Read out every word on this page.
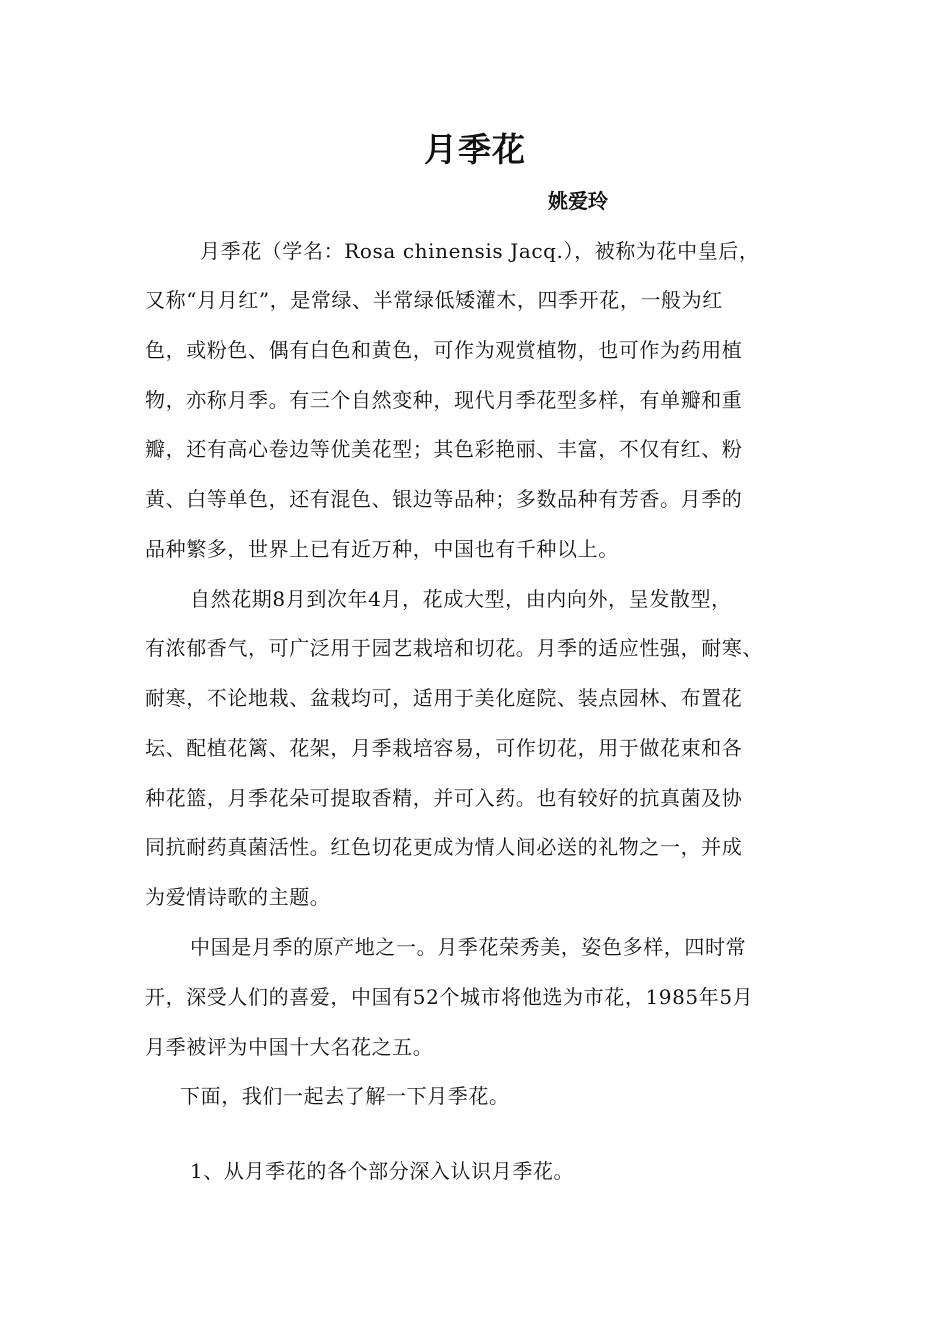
月季花
姚爱玲
月季花（学名：Rosa chinensis Jacq.），被称为花中皇后，
又称“月月红”，是常绿、半常绿低矮灌木，四季开花，一般为红
色，或粉色、偶有白色和黄色，可作为观赏植物，也可作为药用植
物，亦称月季。有三个自然变种，现代月季花型多样，有单瓣和重
瓣，还有高心卷边等优美花型；其色彩艳丽、丰富，不仅有红、粉
黄、白等单色，还有混色、银边等品种；多数品种有芳香。月季的
品种繁多，世界上已有近万种，中国也有千种以上。
自然花期8月到次年4月，花成大型，由内向外，呈发散型，
有浓郁香气，可广泛用于园艺栽培和切花。月季的适应性强，耐寒、
耐寒，不论地栽、盆栽均可，适用于美化庭院、装点园林、布置花
坛、配植花篱、花架，月季栽培容易，可作切花，用于做花束和各
种花篮，月季花朵可提取香精，并可入药。也有较好的抗真菌及协
同抗耐药真菌活性。红色切花更成为情人间必送的礼物之一，并成
为爱情诗歌的主题。
中国是月季的原产地之一。月季花荣秀美，姿色多样，四时常
开，深受人们的喜爱，中国有52个城市将他选为市花，1985年5月
月季被评为中国十大名花之五。
下面，我们一起去了解一下月季花。
1、从月季花的各个部分深入认识月季花。
